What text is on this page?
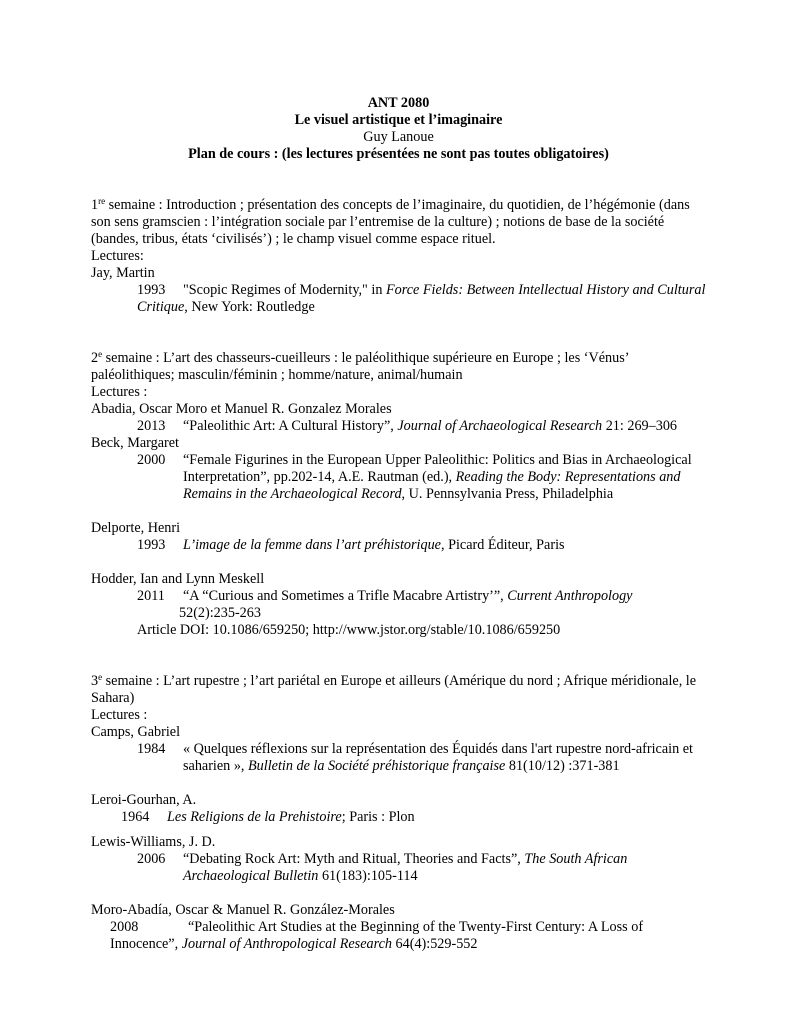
ANT 2080
Le visuel artistique et l’imaginaire
Guy Lanoue
Plan de cours : (les lectures présentées ne sont pas toutes obligatoires)

1re semaine : Introduction ; présentation des concepts de l’imaginaire, du quotidien, de l’hégémonie (dans son sens gramscien : l’intégration sociale par l’entremise de la culture) ; notions de base de la société (bandes, tribus, états ‘civilisés’) ; le champ visuel comme espace rituel.

Lectures:

Jay, Martin

1993 "Scopic Regimes of Modernity," in Force Fields: Between Intellectual History and Cultural Critique, New York: Routledge

2e semaine : L’art des chasseurs-cueilleurs : le paléolithique supérieure en Europe ; les ‘Vénus’ paléolithiques; masculin/féminin ; homme/nature, animal/humain

Lectures :

Abadia, Oscar Moro et Manuel R. Gonzalez Morales

2013 “Paleolithic Art: A Cultural History”, Journal of Archaeological Research 21: 269–306

Beck, Margaret

2000 “Female Figurines in the European Upper Paleolithic: Politics and Bias in Archaeological Interpretation”, pp.202-14, A.E. Rautman (ed.), Reading the Body: Representations and Remains in the Archaeological Record, U. Pennsylvania Press, Philadelphia

Delporte, Henri

1993 L’image de la femme dans l’art préhistorique, Picard Éditeur, Paris

Hodder, Ian and Lynn Meskell

2011 “A “Curious and Sometimes a Trifle Macabre Artistry’”, Current Anthropology
52(2):235-263

Article DOI: 10.1086/659250; http://www.jstor.org/stable/10.1086/659250

3e semaine : L’art rupestre ; l’art pariétal en Europe et ailleurs (Amérique du nord ; Afrique méridionale, le Sahara)

Lectures :

Camps, Gabriel

1984 « Quelques réflexions sur la représentation des Équidés dans l'art rupestre nord-africain et saharien », Bulletin de la Société préhistorique française 81(10/12) :371-381

Leroi-Gourhan, A.

1964 Les Religions de la Prehistoire; Paris : Plon

Lewis-Williams, J. D.

2006 “Debating Rock Art: Myth and Ritual, Theories and Facts”, The South African Archaeological Bulletin 61(183):105-114

Moro-Abadía, Oscar & Manuel R. González-Morales

2008	“Paleolithic Art Studies at the Beginning of the Twenty-First Century: A Loss of Innocence”, Journal of Anthropological Research 64(4):529-552
